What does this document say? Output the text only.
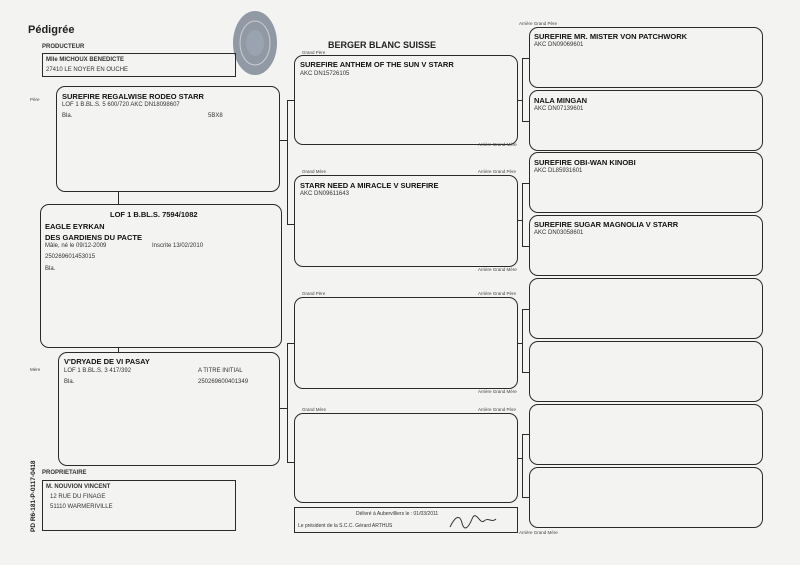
Pédigrée
BERGER BLANC SUISSE
PRODUCTEUR
Mlle MICHOUX BENEDICTE
27410 LE NOYER EN OUCHE
Père	SUREFIRE REGALWISE RODEO STARR
LOF 1 B.BL.S. 5 600/720 AKC DN18098607
Bla.	5BX8
LOF 1 B.BL.S. 7594/1082
EAGLE EYRKAN
DES GARDIENS DU PACTE
Mâle, né le 09/12-2009	Inscrite 13/02/2010
250269601453015
Bla.
Mère
V'DRYADE DE VI PASAY
LOF 1 B.BL.S. 3 417/392	A TITRE INITIAL
Bla.	250269600401349
PROPRIETAIRE
M. NOUVION VINCENT
12 RUE DU FINAGE
51110 WARMERIVILLE
PD R6-181-P-0117-0418
Grand Père
SUREFIRE ANTHEM OF THE SUN V STARR
AKC DN15726105
Arrière Grand Mère
Grand Mère	Arrière Grand Père
STARR NEED A MIRACLE V SUREFIRE
AKC DN09611643
Arrière Grand Mère
Grand Père	Arrière Grand Père
Arrière Grand Mère
Grand Mère	Arrière Grand Père
Délivré à Aubervilliers le : 01/03/2011
Le président de la S.C.C. Gérard ARTHUS
Arrière Grand Père
SUREFIRE MR. MISTER VON PATCHWORK
AKC DN09069601
NALA MINGAN
AKC DN07139601
SUREFIRE OBI-WAN KINOBI
AKC DL85931601
SUREFIRE SUGAR MAGNOLIA V STARR
AKC DN03058601
Arrière Grand Mère
